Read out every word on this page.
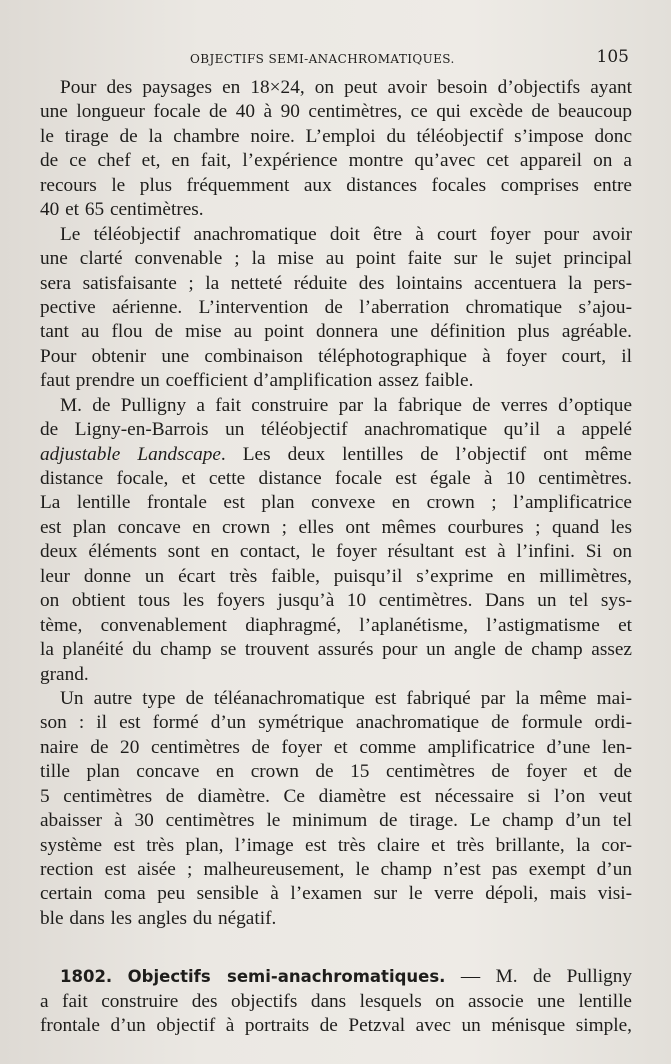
OBJECTIFS SEMI-ANACHROMATIQUES.	105
Pour des paysages en 18×24, on peut avoir besoin d’objectifs ayant
une longueur focale de 40 à 90 centimètres, ce qui excède de beaucoup
le tirage de la chambre noire. L’emploi du téléobjectif s’impose donc
de ce chef et, en fait, l’expérience montre qu’avec cet appareil on a
recours le plus fréquemment aux distances focales comprises entre
40 et 65 centimètres.
Le téléobjectif anachromatique doit être à court foyer pour avoir
une clarté convenable ; la mise au point faite sur le sujet principal
sera satisfaisante ; la netteté réduite des lointains accentuera la pers-
pective aérienne. L’intervention de l’aberration chromatique s’ajou-
tant au flou de mise au point donnera une définition plus agréable.
Pour obtenir une combinaison téléphotographique à foyer court, il
faut prendre un coefficient d’amplification assez faible.
M. de Pulligny a fait construire par la fabrique de verres d’optique
de Ligny-en-Barrois un téléobjectif anachromatique qu’il a appelé
adjustable Landscape. Les deux lentilles de l’objectif ont même
distance focale, et cette distance focale est égale à 10 centimètres.
La lentille frontale est plan convexe en crown ; l’amplificatrice
est plan concave en crown ; elles ont mêmes courbures ; quand les
deux éléments sont en contact, le foyer résultant est à l’infini. Si on
leur donne un écart très faible, puisqu’il s’exprime en millimètres,
on obtient tous les foyers jusqu’à 10 centimètres. Dans un tel sys-
tème, convenablement diaphragmé, l’aplanétisme, l’astigmatisme et
la planéité du champ se trouvent assurés pour un angle de champ assez
grand.
Un autre type de téléanachromatique est fabriqué par la même mai-
son : il est formé d’un symétrique anachromatique de formule ordi-
naire de 20 centimètres de foyer et comme amplificatrice d’une len-
tille plan concave en crown de 15 centimètres de foyer et de
5 centimètres de diamètre. Ce diamètre est nécessaire si l’on veut
abaisser à 30 centimètres le minimum de tirage. Le champ d’un tel
système est très plan, l’image est très claire et très brillante, la cor-
rection est aisée ; malheureusement, le champ n’est pas exempt d’un
certain coma peu sensible à l’examen sur le verre dépoli, mais visi-
ble dans les angles du négatif.
1802. Objectifs semi-anachromatiques. — M. de Pulligny
a fait construire des objectifs dans lesquels on associe une lentille
frontale d’un objectif à portraits de Petzval avec un ménisque simple,
